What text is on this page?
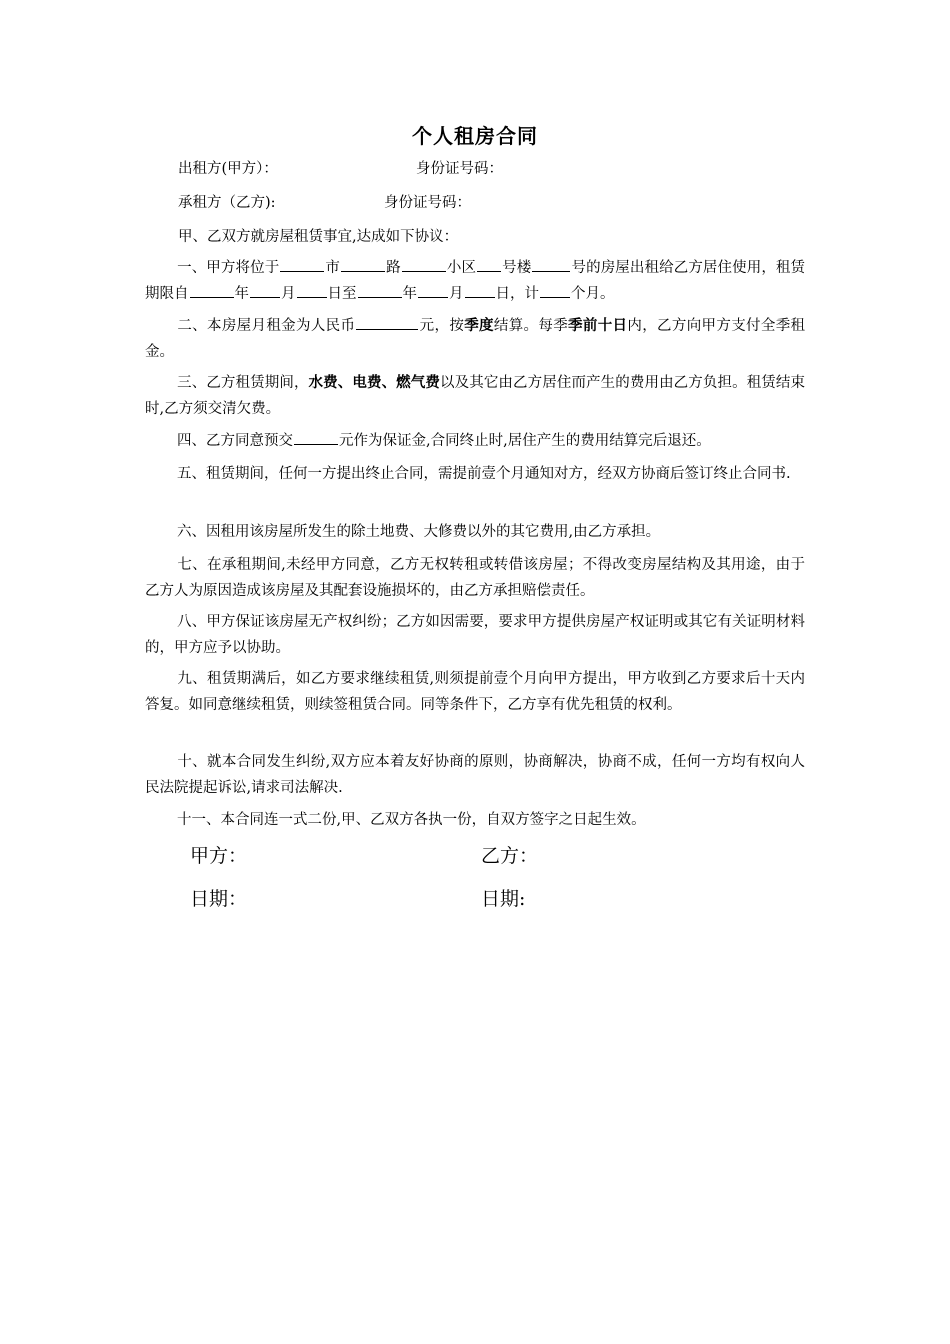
个人租房合同
出租方(甲方）：	身份证号码：
承租方（乙方):	身份证号码：
甲、乙双方就房屋租赁事宜,达成如下协议：
一、甲方将位于	市	路	小区 号楼	号的房屋出租给乙方居住使用，租赁期限自	年 月 日至	年 月 日，计 个月。
二、本房屋月租金为人民币	元，按季度结算。每季季前十日内，乙方向甲方支付全季租金。
三、乙方租赁期间，水费、电费、燃气费以及其它由乙方居住而产生的费用由乙方负担。租赁结束时,乙方须交清欠费。
四、乙方同意预交	元作为保证金,合同终止时,居住产生的费用结算完后退还。
五、租赁期间，任何一方提出终止合同，需提前壹个月通知对方，经双方协商后签订终止合同书.
六、因租用该房屋所发生的除土地费、大修费以外的其它费用,由乙方承担。
七、在承租期间,未经甲方同意，乙方无权转租或转借该房屋；不得改变房屋结构及其用途，由于乙方人为原因造成该房屋及其配套设施损坏的，由乙方承担赔偿责任。
八、甲方保证该房屋无产权纠纷；乙方如因需要，要求甲方提供房屋产权证明或其它有关证明材料的，甲方应予以协助。
九、租赁期满后，如乙方要求继续租赁,则须提前壹个月向甲方提出，甲方收到乙方要求后十天内答复。如同意继续租赁，则续签租赁合同。同等条件下，乙方享有优先租赁的权利。
十、就本合同发生纠纷,双方应本着友好协商的原则，协商解决，协商不成，任何一方均有权向人民法院提起诉讼,请求司法解决.
十一、本合同连一式二份,甲、乙双方各执一份，自双方签字之日起生效。
甲方：	乙方：
日期：	日期:
